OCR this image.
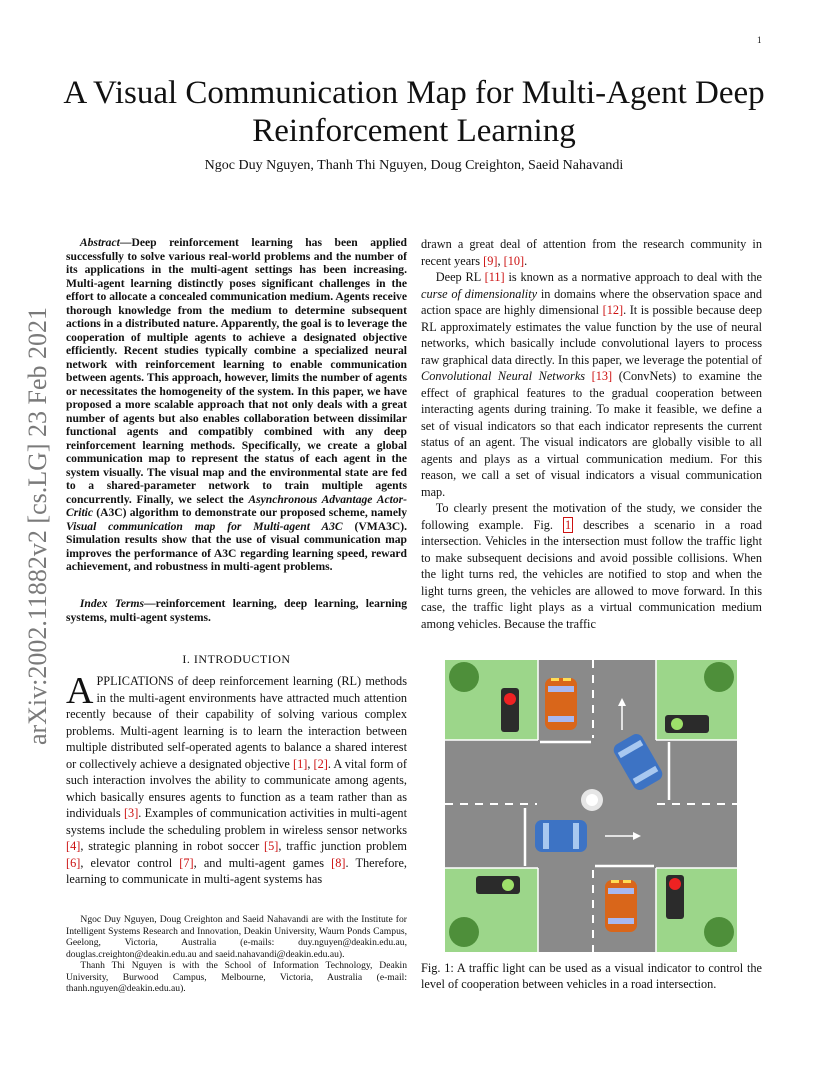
1
arXiv:2002.11882v2 [cs.LG] 23 Feb 2021
A Visual Communication Map for Multi-Agent Deep Reinforcement Learning
Ngoc Duy Nguyen, Thanh Thi Nguyen, Doug Creighton, Saeid Nahavandi
Abstract—Deep reinforcement learning has been applied successfully to solve various real-world problems and the number of its applications in the multi-agent settings has been increasing. Multi-agent learning distinctly poses significant challenges in the effort to allocate a concealed communication medium. Agents receive thorough knowledge from the medium to determine subsequent actions in a distributed nature. Apparently, the goal is to leverage the cooperation of multiple agents to achieve a designated objective efficiently. Recent studies typically combine a specialized neural network with reinforcement learning to enable communication between agents. This approach, however, limits the number of agents or necessitates the homogeneity of the system. In this paper, we have proposed a more scalable approach that not only deals with a great number of agents but also enables collaboration between dissimilar functional agents and compatibly combined with any deep reinforcement learning methods. Specifically, we create a global communication map to represent the status of each agent in the system visually. The visual map and the environmental state are fed to a shared-parameter network to train multiple agents concurrently. Finally, we select the Asynchronous Advantage Actor-Critic (A3C) algorithm to demonstrate our proposed scheme, namely Visual communication map for Multi-agent A3C (VMA3C). Simulation results show that the use of visual communication map improves the performance of A3C regarding learning speed, reward achievement, and robustness in multi-agent problems.
Index Terms—reinforcement learning, deep learning, learning systems, multi-agent systems.
I. INTRODUCTION
APPLICATIONS of deep reinforcement learning (RL) methods in the multi-agent environments have attracted much attention recently because of their capability of solving various complex problems. Multi-agent learning is to learn the interaction between multiple distributed self-operated agents to balance a shared interest or collectively achieve a designated objective [1], [2]. A vital form of such interaction involves the ability to communicate among agents, which basically ensures agents to function as a team rather than as individuals [3]. Examples of communication activities in multi-agent systems include the scheduling problem in wireless sensor networks [4], strategic planning in robot soccer [5], traffic junction problem [6], elevator control [7], and multi-agent games [8]. Therefore, learning to communicate in multi-agent systems has

Ngoc Duy Nguyen, Doug Creighton and Saeid Nahavandi are with the Institute for Intelligent Systems Research and Innovation, Deakin University, Waurn Ponds Campus, Geelong, Victoria, Australia (e-mails: duy.nguyen@deakin.edu.au, douglas.creighton@deakin.edu.au and saeid.nahavandi@deakin.edu.au).

Thanh Thi Nguyen is with the School of Information Technology, Deakin University, Burwood Campus, Melbourne, Victoria, Australia (e-mail: thanh.nguyen@deakin.edu.au).

drawn a great deal of attention from the research community in recent years [9], [10].

Deep RL [11] is known as a normative approach to deal with the curse of dimensionality in domains where the observation space and action space are highly dimensional [12]. It is possible because deep RL approximately estimates the value function by the use of neural networks, which basically include convolutional layers to process raw graphical data directly. In this paper, we leverage the potential of Convolutional Neural Networks [13] (ConvNets) to examine the effect of graphical features to the gradual cooperation between interacting agents during training. To make it feasible, we define a set of visual indicators so that each indicator represents the current status of an agent. The visual indicators are globally visible to all agents and plays as a virtual communication medium. For this reason, we call a set of visual indicators a visual communication map.

To clearly present the motivation of the study, we consider the following example. Fig. 1 describes a scenario in a road intersection. Vehicles in the intersection must follow the traffic light to make subsequent decisions and avoid possible collisions. When the light turns red, the vehicles are notified to stop and when the light turns green, the vehicles are allowed to move forward. In this case, the traffic light plays as a virtual communication medium among vehicles. Because the traffic

Fig. 1: A traffic light can be used as a visual indicator to control the level of cooperation between vehicles in a road intersection.
